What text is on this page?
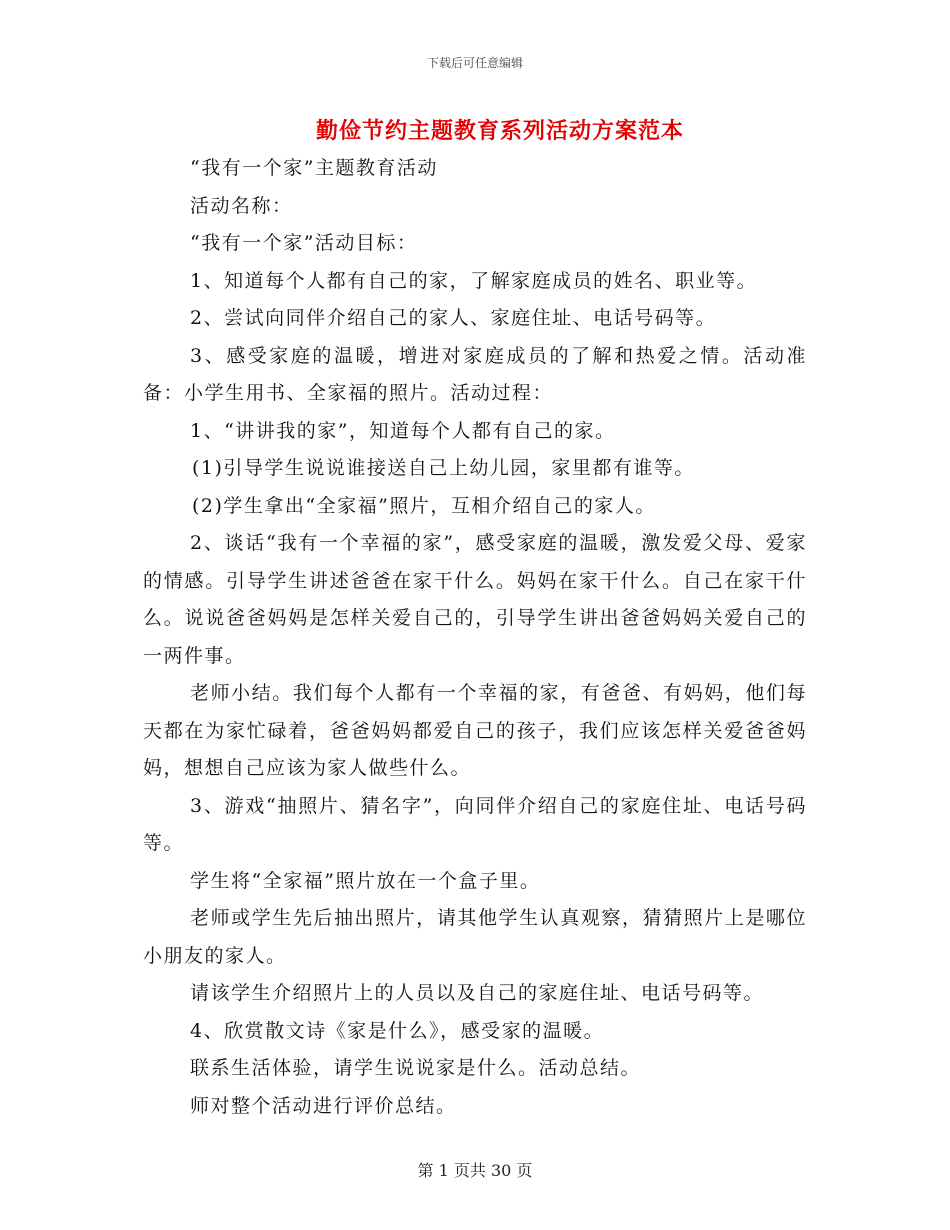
下载后可任意编辑
勤俭节约主题教育系列活动方案范本

“我有一个家”主题教育活动

活动名称：

“我有一个家”活动目标：

1、知道每个人都有自己的家，了解家庭成员的姓名、职业等。

2、尝试向同伴介绍自己的家人、家庭住址、电话号码等。

3、感受家庭的温暖，增进对家庭成员的了解和热爱之情。活动准备：小学生用书、全家福的照片。活动过程：

1、“讲讲我的家”，知道每个人都有自己的家。

(1)引导学生说说谁接送自己上幼儿园，家里都有谁等。

(2)学生拿出“全家福”照片，互相介绍自己的家人。

2、谈话“我有一个幸福的家”，感受家庭的温暖，激发爱父母、爱家的情感。引导学生讲述爸爸在家干什么。妈妈在家干什么。自己在家干什么。说说爸爸妈妈是怎样关爱自己的，引导学生讲出爸爸妈妈关爱自己的一两件事。

老师小结。我们每个人都有一个幸福的家，有爸爸、有妈妈，他们每天都在为家忙碌着，爸爸妈妈都爱自己的孩子，我们应该怎样关爱爸爸妈妈，想想自己应该为家人做些什么。

3、游戏“抽照片、猜名字”，向同伴介绍自己的家庭住址、电话号码等。

学生将“全家福”照片放在一个盒子里。

老师或学生先后抽出照片，请其他学生认真观察，猜猜照片上是哪位小朋友的家人。

请该学生介绍照片上的人员以及自己的家庭住址、电话号码等。

4、欣赏散文诗《家是什么》，感受家的温暖。

联系生活体验，请学生说说家是什么。活动总结。

师对整个活动进行评价总结。

第 1 页共 30 页
